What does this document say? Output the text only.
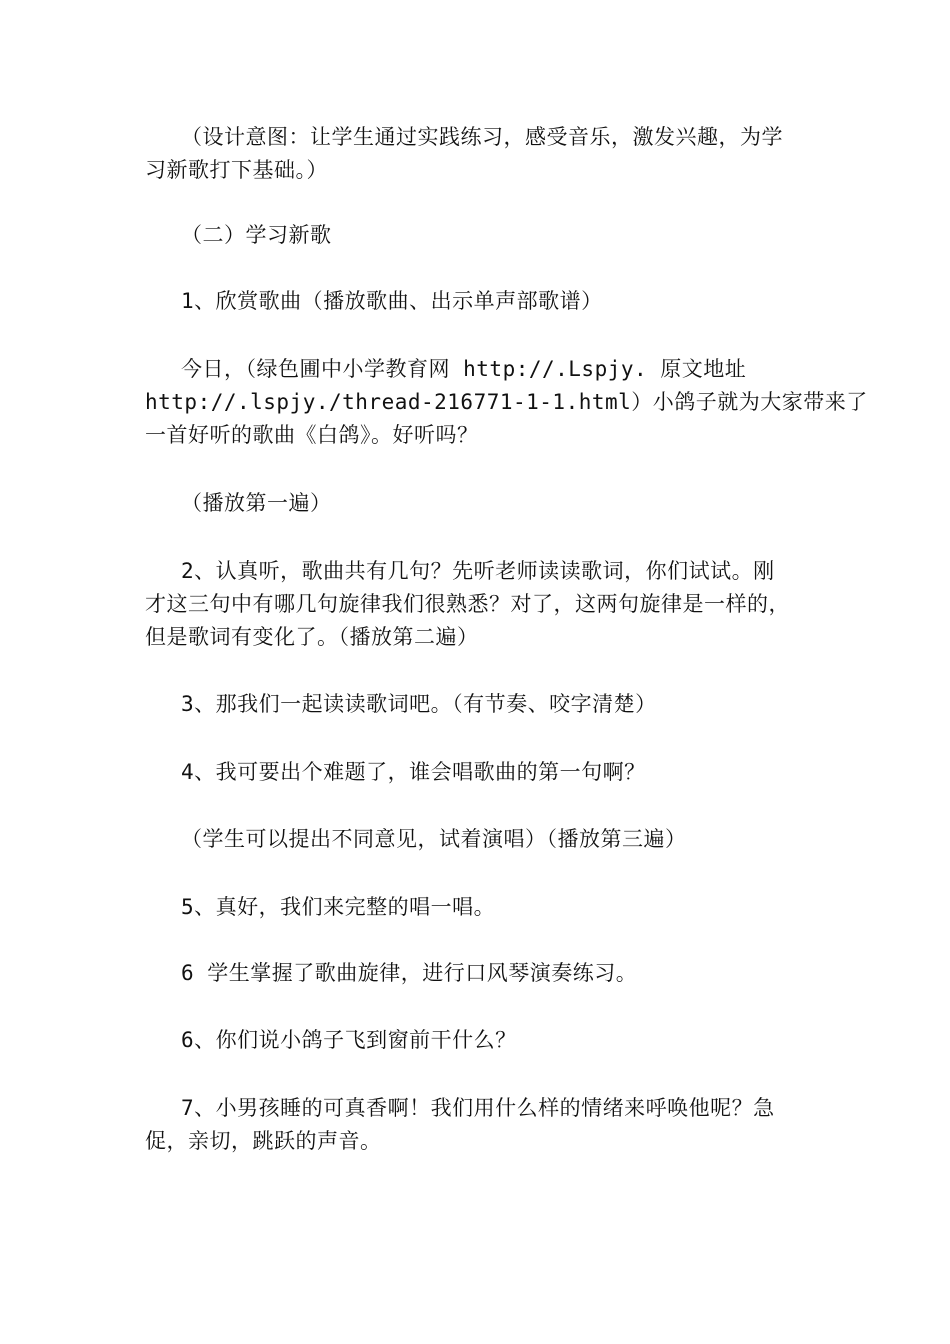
（设计意图：让学生通过实践练习，感受音乐，激发兴趣，为学
习新歌打下基础。）
（二）学习新歌
1、欣赏歌曲（播放歌曲、出示单声部歌谱）
今日，（绿色圃中小学教育网 http://.Lspjy. 原文地址
http://.lspjy./thread-216771-1-1.html）小鸽子就为大家带来了
一首好听的歌曲《白鸽》。好听吗？
（播放第一遍）
2、认真听，歌曲共有几句？先听老师读读歌词，你们试试。刚
才这三句中有哪几句旋律我们很熟悉？对了，这两句旋律是一样的，
但是歌词有变化了。（播放第二遍）
3、那我们一起读读歌词吧。（有节奏、咬字清楚）
4、我可要出个难题了，谁会唱歌曲的第一句啊？
（学生可以提出不同意见，试着演唱）（播放第三遍）
5、真好，我们来完整的唱一唱。
6 学生掌握了歌曲旋律，进行口风琴演奏练习。
6、你们说小鸽子飞到窗前干什么？
7、小男孩睡的可真香啊！我们用什么样的情绪来呼唤他呢？急
促，亲切，跳跃的声音。
